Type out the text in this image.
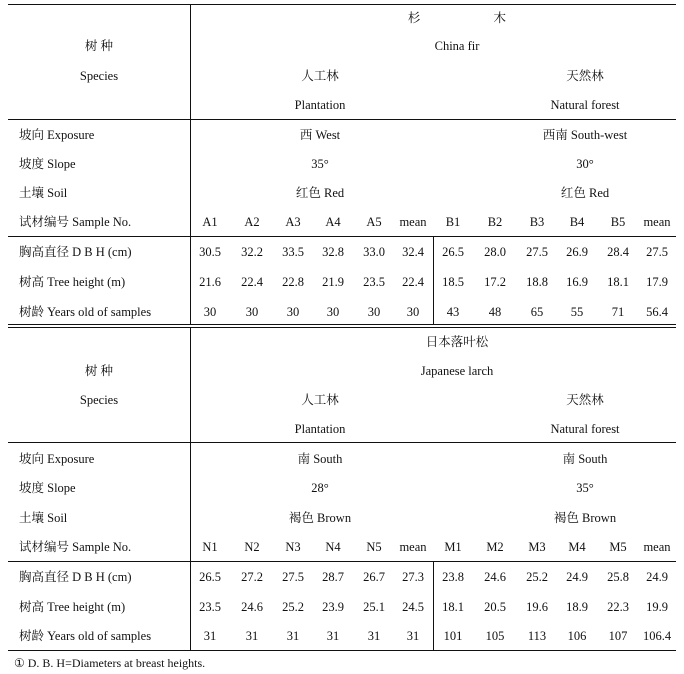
树 种
Species
杉 木
China fir
人工林
Plantation
天然林
Natural forest
坡向 Exposure	西 West	西南 South-west
坡度 Slope	35°	30°
土壤 Soil	红色 Red	红色 Red
试材编号 Sample No.	A1 A2 A3 A4 A5 mean B1 B2 B3 B4 B5 mean
胸高直径 D B H (cm)	30.5 32.2 33.5 32.8 33.0 32.4 26.5 28.0 27.5 26.9 28.4 27.5
树高 Tree height (m)	21.6 22.4 22.8 21.9 23.5 22.4 18.5 17.2 18.8 16.9 18.1 17.9
树龄 Years old of samples	30 30 30 30 30 30 43 48 65 55 71 56.4
树 种
Species
日本落叶松
Japanese larch
人工林
Plantation
天然林
Natural forest
坡向 Exposure	南 South	南 South
坡度 Slope	28°	35°
土壤 Soil	褐色 Brown	褐色 Brown
试材编号 Sample No.	N1 N2 N3 N4 N5 mean M1 M2 M3 M4 M5 mean
胸高直径 D B H (cm)	26.5 27.2 27.5 28.7 26.7 27.3 23.8 24.6 25.2 24.9 25.8 24.9
树高 Tree height (m)	23.5 24.6 25.2 23.9 25.1 24.5 18.1 20.5 19.6 18.9 22.3 19.9
树龄 Years old of samples	31 31 31 31 31 31 101 105 113 106 107 106.4
① D. B. H=Diameters at breast heights.
